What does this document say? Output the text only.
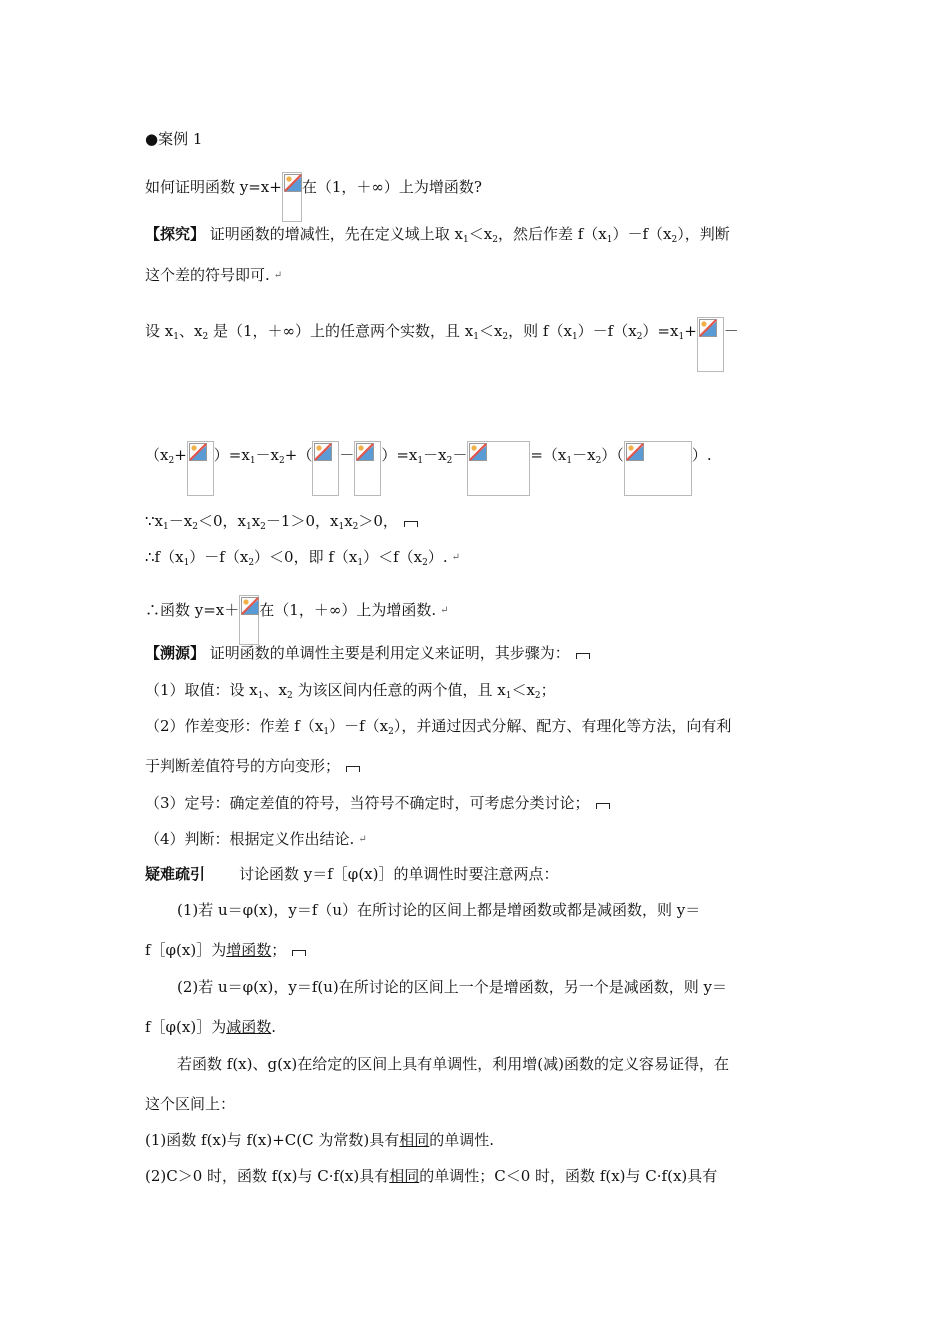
●案例 1
如何证明函数 y=x+ 在（1，＋∞）上为增函数?
【探究】 证明函数的增减性，先在定义域上取 $x_1<x_2$，然后作差 $f(x_1)-f(x_2)$，判断
这个差的符号即可. ↵
设 $x_1$、$x_2$ 是（1，＋∞）上的任意两个实数，且 $x_1<x_2$，则 $f(x_1)-f(x_2)=x_1+$ －
$(x_2+ )=x_1-x_2+( - )=x_1-x_2-$	$=(x_1-x_2)$（	）.
$\because x_1-x_2<0$，$x_1x_2-1>0$，$x_1x_2>0$，
$\therefore f(x_1)-f(x_2)<0$，即 $f(x_1)<f(x_2)$. ↵
∴函数 y=x＋ 在（1，＋∞）上为增函数. ↵
【溯源】 证明函数的单调性主要是利用定义来证明，其步骤为：
（1）取值：设 $x_1$、$x_2$ 为该区间内任意的两个值，且 $x_1<x_2$；
（2）作差变形：作差 $f(x_1)-f(x_2)$，并通过因式分解、配方、有理化等方法，向有利
于判断差值符号的方向变形；
（3）定号：确定差值的符号，当符号不确定时，可考虑分类讨论；
（4）判断：根据定义作出结论. ↵
疑难疏引 讨论函数 y＝f［φ(x)］的单调性时要注意两点：
(1)若 u＝φ(x)，y＝f（u）在所讨论的区间上都是增函数或都是减函数，则 y＝
f［φ(x)］为增函数；
(2)若 u＝φ(x)，y＝f(u)在所讨论的区间上一个是增函数，另一个是减函数，则 y＝
f［φ(x)］为减函数.
若函数 f(x)、g(x)在给定的区间上具有单调性，利用增(减)函数的定义容易证得，在
这个区间上：
(1)函数 f(x)与 f(x)+C(C 为常数)具有相同的单调性.
(2)C＞0 时，函数 f(x)与 C·f(x)具有相同的单调性；C＜0 时，函数 f(x)与 C·f(x)具有
